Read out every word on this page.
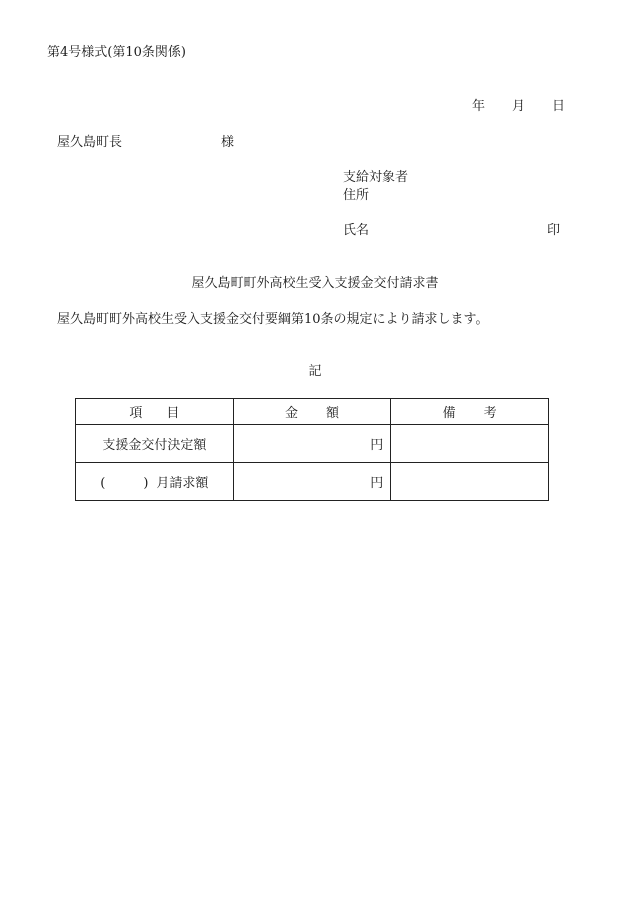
第4号様式(第10条関係)
年 月 日
屋久島町長	様
支給対象者
住所
氏名	印
屋久島町町外高校生受入支援金交付請求書
屋久島町町外高校生受入支援金交付要綱第10条の規定により請求します。
記
項 目	金 額	備 考
支援金交付決定額	円	
( ) 月請求額	円	
